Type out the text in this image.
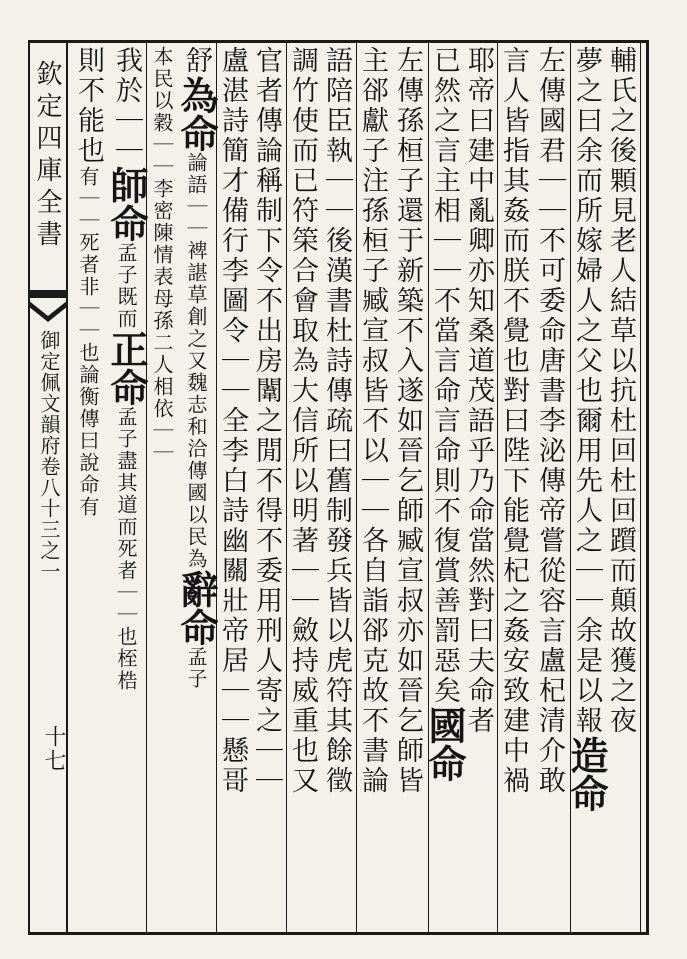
欽定四庫全書
御定佩文韻府卷八十三之一
十七
輔氏之後顆見老人結草以抗杜回杜回躓而顛故獲之夜
夢之曰余而所嫁婦人之父也爾用先人之｜｜余是以報造命
左傳國君｜｜不可委命唐書李泌傳帝嘗從容言盧杞清介敢
言人皆指其姦而朕不覺也對曰陛下能覺杞之姦安致建中禍
耶帝曰建中亂卿亦知桑道茂語乎乃命當然對曰夫命者
已然之言主相｜｜不當言命言命則不復賞善罰惡矣國命
左傳孫桓子還于新築不入遂如晉乞師臧宣叔亦如晉乞師皆
主郤獻子注孫桓子臧宣叔皆不以｜｜各自詣郤克故不書論
語陪臣執｜｜後漢書杜詩傳疏曰舊制發兵皆以虎符其餘徵
調竹使而已符筞合會取為大信所以明著｜｜斂持威重也又
官者傳論稱制下令不出房闈之閒不得不委用刑人寄之｜｜
盧湛詩簡才備行李圖令｜｜全李白詩幽關壯帝居｜｜懸哥
舒為命論語｜｜裨諶草創之又魏志和洽傳國以民為辭命孟子
本民以穀｜｜李密陳情表母孫二人相依｜｜
我於｜｜師命孟子既而正命孟子盡其道而死者｜｜也桎梏
則不能也有｜｜死者非｜｜也論衡傳曰說命有
